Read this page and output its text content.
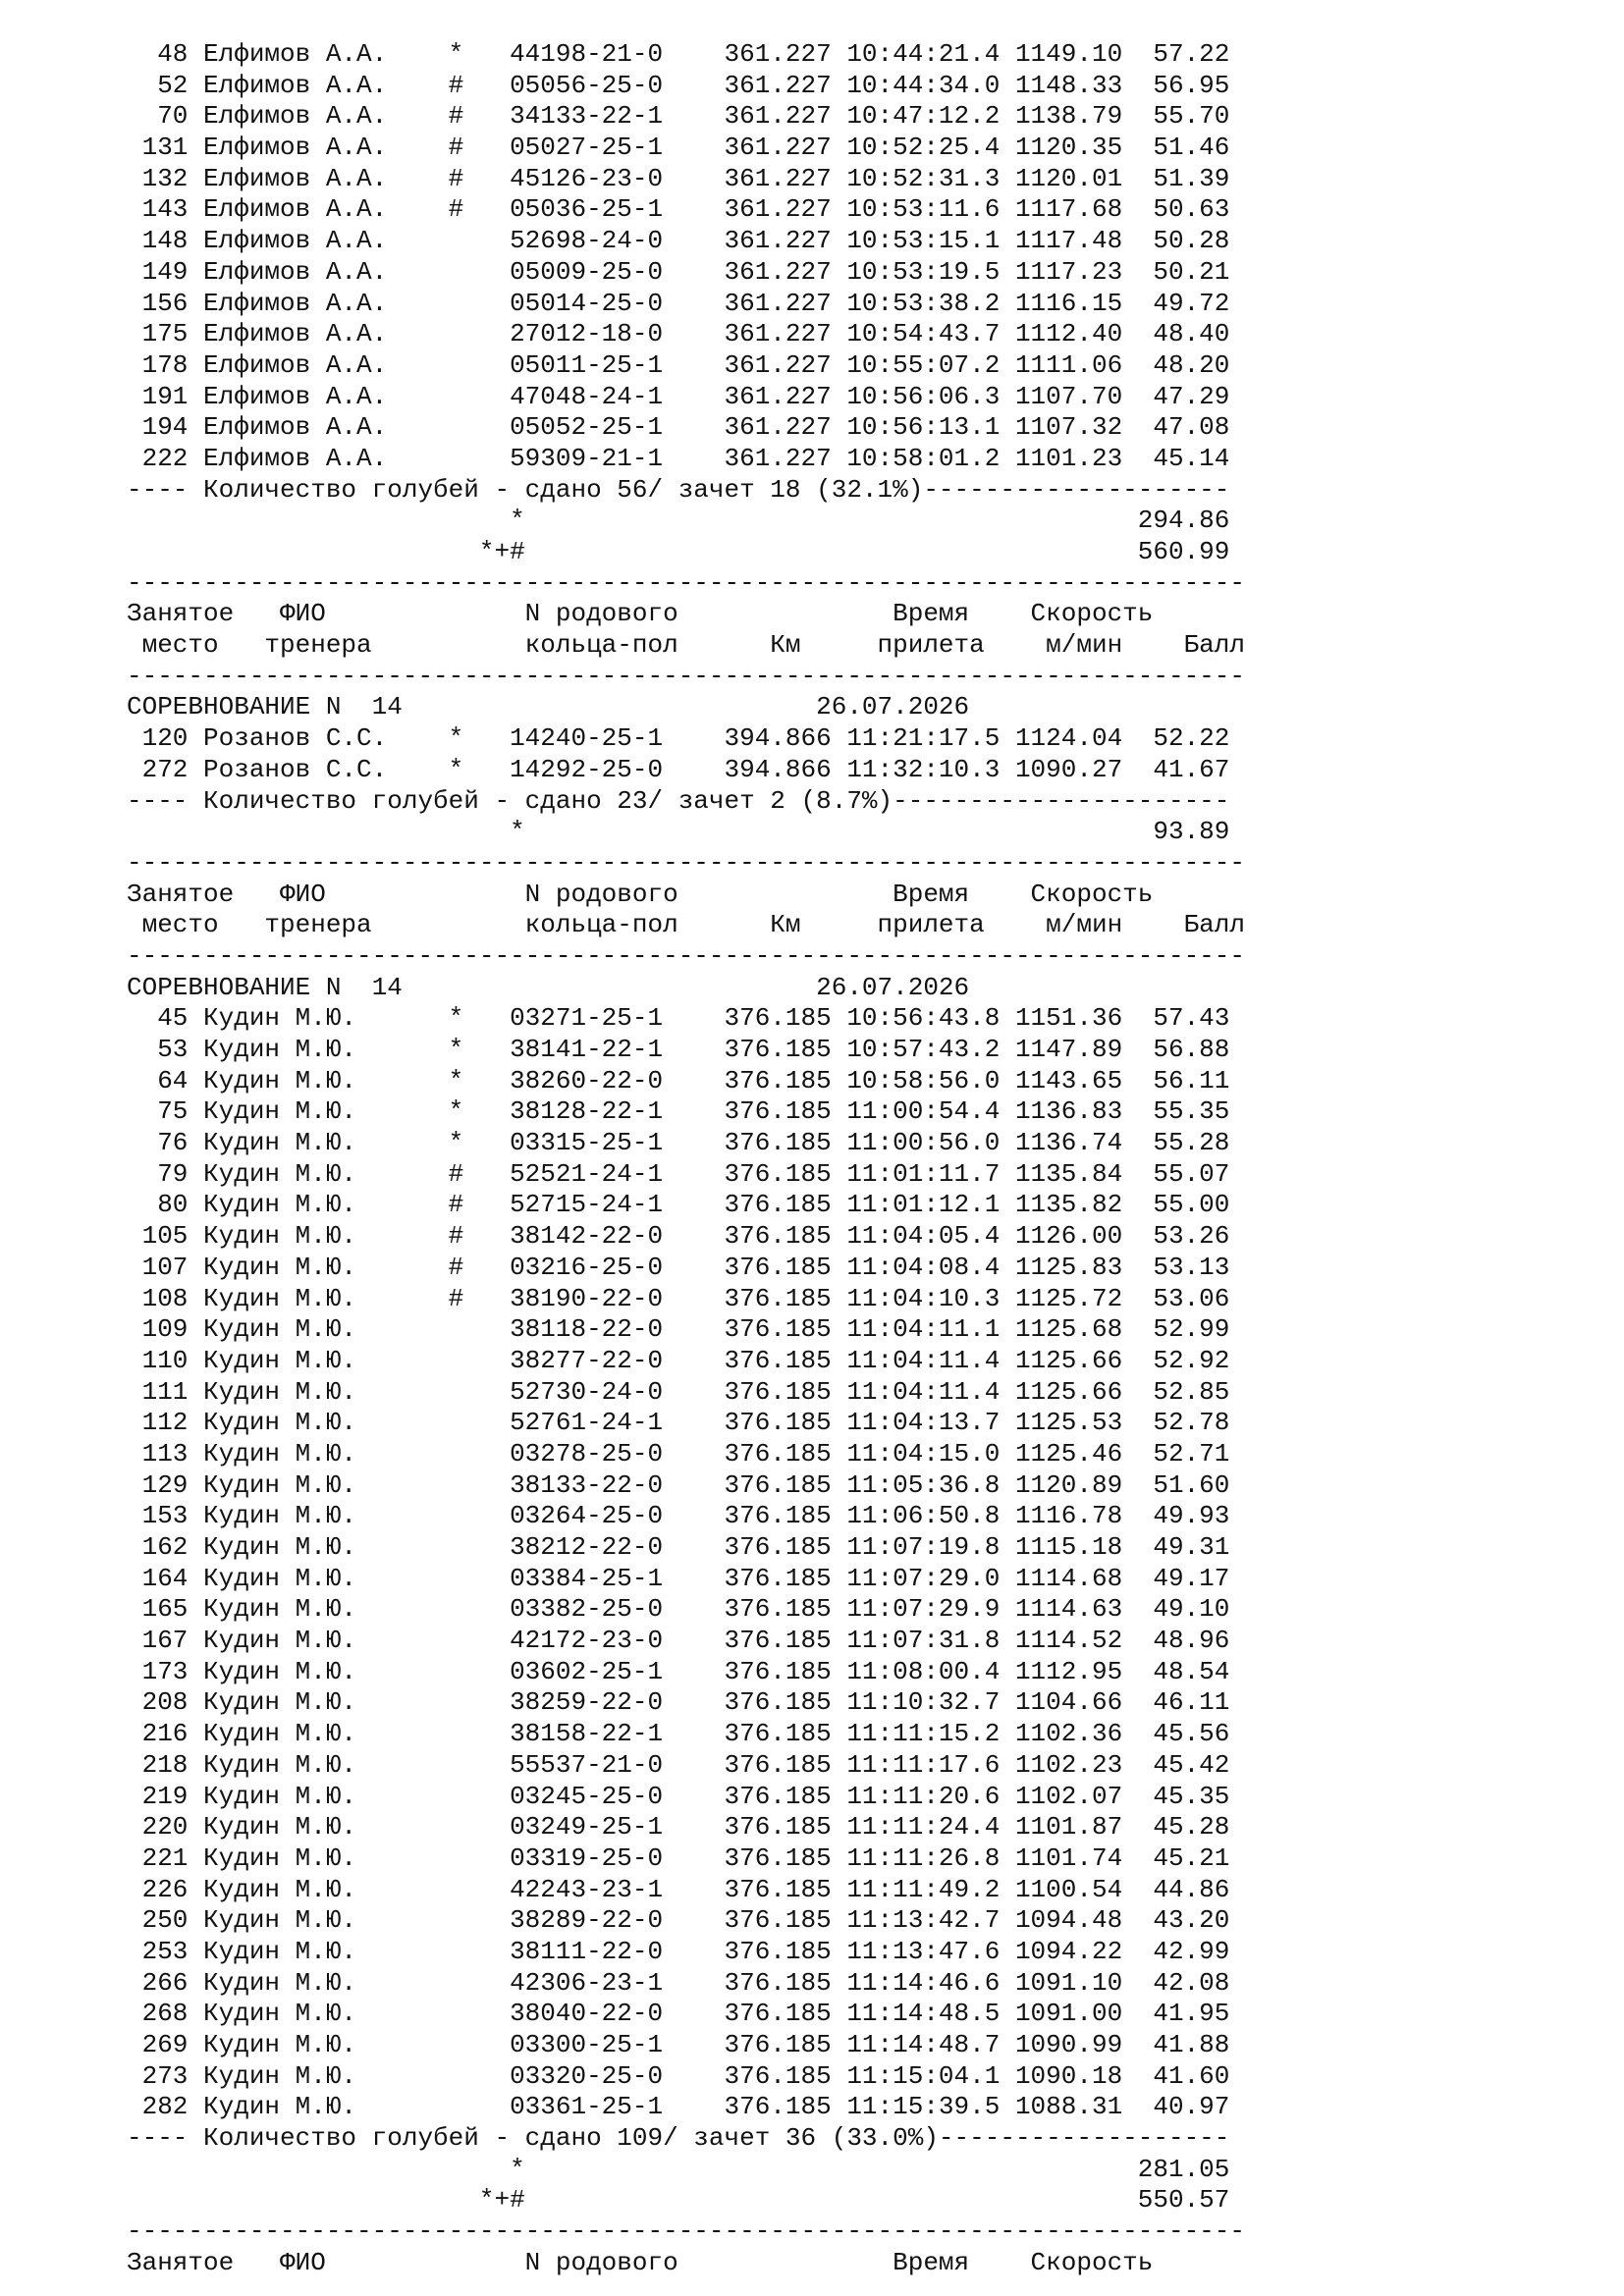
48 Елфимов А.А.    *   44198-21-0    361.227 10:44:21.4 1149.10  57.22
52 Елфимов А.А.    #   05056-25-0    361.227 10:44:34.0 1148.33  56.95
70 Елфимов А.А.    #   34133-22-1    361.227 10:47:12.2 1138.79  55.70
131 Елфимов А.А.    #   05027-25-1    361.227 10:52:25.4 1120.35  51.46
132 Елфимов А.А.    #   45126-23-0    361.227 10:52:31.3 1120.01  51.39
143 Елфимов А.А.    #   05036-25-1    361.227 10:53:11.6 1117.68  50.63
148 Елфимов А.А.        52698-24-0    361.227 10:53:15.1 1117.48  50.28
149 Елфимов А.А.        05009-25-0    361.227 10:53:19.5 1117.23  50.21
156 Елфимов А.А.        05014-25-0    361.227 10:53:38.2 1116.15  49.72
175 Елфимов А.А.        27012-18-0    361.227 10:54:43.7 1112.40  48.40
178 Елфимов А.А.        05011-25-1    361.227 10:55:07.2 1111.06  48.20
191 Елфимов А.А.        47048-24-1    361.227 10:56:06.3 1107.70  47.29
194 Елфимов А.А.        05052-25-1    361.227 10:56:13.1 1107.32  47.08
222 Елфимов А.А.        59309-21-1    361.227 10:58:01.2 1101.23  45.14
---- Количество голубей - сдано 56/ зачет 18 (32.1%)--------------------
*                                        294.86
*+#                                        560.99
-------------------------------------------------------------------------
Занятое   ФИО             N родового              Время    Скорость
место   тренера          кольца-пол      Км     прилета    м/мин    Балл
-------------------------------------------------------------------------
СОРЕВНОВАНИЕ N  14                           26.07.2026
120 Розанов С.С.    *   14240-25-1    394.866 11:21:17.5 1124.04  52.22
272 Розанов С.С.    *   14292-25-0    394.866 11:32:10.3 1090.27  41.67
---- Количество голубей - сдано 23/ зачет 2 (8.7%)----------------------
*                                         93.89
-------------------------------------------------------------------------
Занятое   ФИО             N родового              Время    Скорость
место   тренера          кольца-пол      Км     прилета    м/мин    Балл
-------------------------------------------------------------------------
СОРЕВНОВАНИЕ N  14                           26.07.2026
45 Кудин М.Ю.      *   03271-25-1    376.185 10:56:43.8 1151.36  57.43
53 Кудин М.Ю.      *   38141-22-1    376.185 10:57:43.2 1147.89  56.88
64 Кудин М.Ю.      *   38260-22-0    376.185 10:58:56.0 1143.65  56.11
75 Кудин М.Ю.      *   38128-22-1    376.185 11:00:54.4 1136.83  55.35
76 Кудин М.Ю.      *   03315-25-1    376.185 11:00:56.0 1136.74  55.28
79 Кудин М.Ю.      #   52521-24-1    376.185 11:01:11.7 1135.84  55.07
80 Кудин М.Ю.      #   52715-24-1    376.185 11:01:12.1 1135.82  55.00
105 Кудин М.Ю.      #   38142-22-0    376.185 11:04:05.4 1126.00  53.26
107 Кудин М.Ю.      #   03216-25-0    376.185 11:04:08.4 1125.83  53.13
108 Кудин М.Ю.      #   38190-22-0    376.185 11:04:10.3 1125.72  53.06
109 Кудин М.Ю.          38118-22-0    376.185 11:04:11.1 1125.68  52.99
110 Кудин М.Ю.          38277-22-0    376.185 11:04:11.4 1125.66  52.92
111 Кудин М.Ю.          52730-24-0    376.185 11:04:11.4 1125.66  52.85
112 Кудин М.Ю.          52761-24-1    376.185 11:04:13.7 1125.53  52.78
113 Кудин М.Ю.          03278-25-0    376.185 11:04:15.0 1125.46  52.71
129 Кудин М.Ю.          38133-22-0    376.185 11:05:36.8 1120.89  51.60
153 Кудин М.Ю.          03264-25-0    376.185 11:06:50.8 1116.78  49.93
162 Кудин М.Ю.          38212-22-0    376.185 11:07:19.8 1115.18  49.31
164 Кудин М.Ю.          03384-25-1    376.185 11:07:29.0 1114.68  49.17
165 Кудин М.Ю.          03382-25-0    376.185 11:07:29.9 1114.63  49.10
167 Кудин М.Ю.          42172-23-0    376.185 11:07:31.8 1114.52  48.96
173 Кудин М.Ю.          03602-25-1    376.185 11:08:00.4 1112.95  48.54
208 Кудин М.Ю.          38259-22-0    376.185 11:10:32.7 1104.66  46.11
216 Кудин М.Ю.          38158-22-1    376.185 11:11:15.2 1102.36  45.56
218 Кудин М.Ю.          55537-21-0    376.185 11:11:17.6 1102.23  45.42
219 Кудин М.Ю.          03245-25-0    376.185 11:11:20.6 1102.07  45.35
220 Кудин М.Ю.          03249-25-1    376.185 11:11:24.4 1101.87  45.28
221 Кудин М.Ю.          03319-25-0    376.185 11:11:26.8 1101.74  45.21
226 Кудин М.Ю.          42243-23-1    376.185 11:11:49.2 1100.54  44.86
250 Кудин М.Ю.          38289-22-0    376.185 11:13:42.7 1094.48  43.20
253 Кудин М.Ю.          38111-22-0    376.185 11:13:47.6 1094.22  42.99
266 Кудин М.Ю.          42306-23-1    376.185 11:14:46.6 1091.10  42.08
268 Кудин М.Ю.          38040-22-0    376.185 11:14:48.5 1091.00  41.95
269 Кудин М.Ю.          03300-25-1    376.185 11:14:48.7 1090.99  41.88
273 Кудин М.Ю.          03320-25-0    376.185 11:15:04.1 1090.18  41.60
282 Кудин М.Ю.          03361-25-1    376.185 11:15:39.5 1088.31  40.97
---- Количество голубей - сдано 109/ зачет 36 (33.0%)-------------------
*                                        281.05
*+#                                        550.57
-------------------------------------------------------------------------
Занятое   ФИО             N родового              Время    Скорость
